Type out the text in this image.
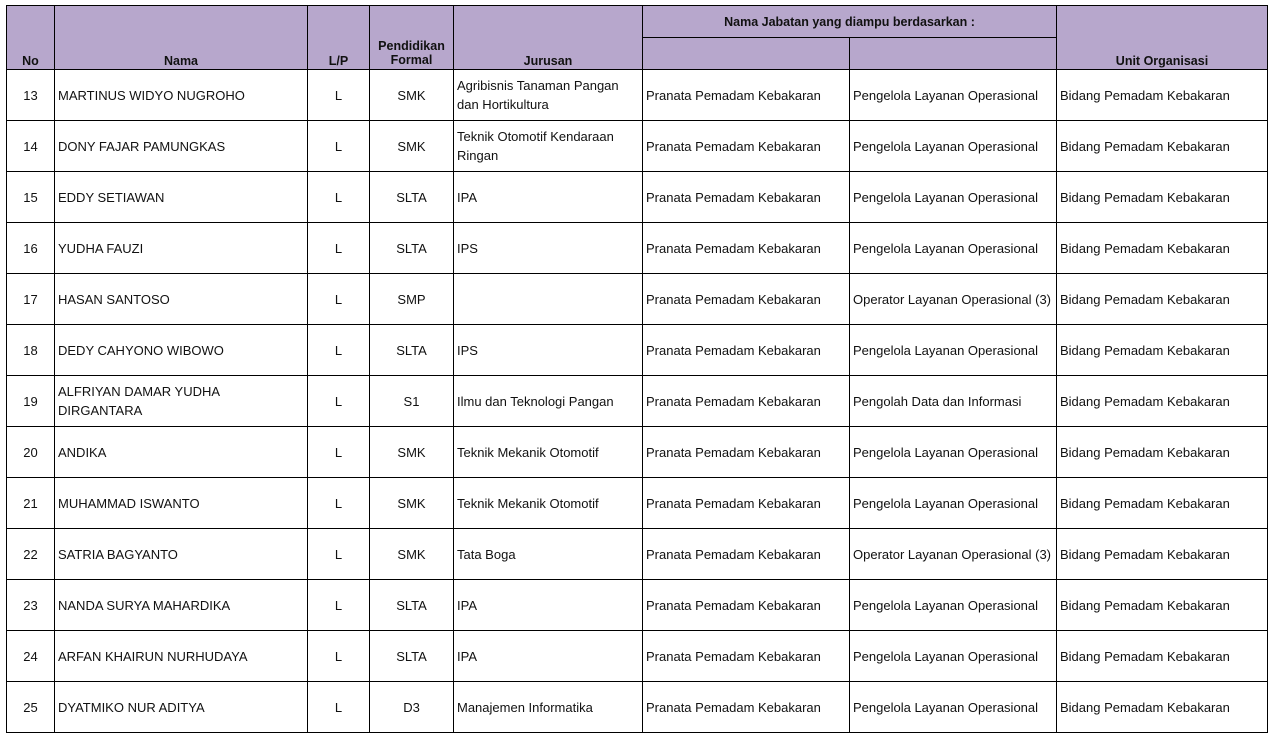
No	Nama	L/P	Pendidikan Formal	Jurusan	Nama Jabatan yang diampu berdasarkan :		Unit Organisasi

13	MARTINUS WIDYO NUGROHO	L	SMK	Agribisnis Tanaman Pangan dan Hortikultura	Pranata Pemadam Kebakaran	Pengelola Layanan Operasional	Bidang Pemadam Kebakaran
14	DONY FAJAR PAMUNGKAS	L	SMK	Teknik Otomotif Kendaraan Ringan	Pranata Pemadam Kebakaran	Pengelola Layanan Operasional	Bidang Pemadam Kebakaran
15	EDDY SETIAWAN	L	SLTA	IPA	Pranata Pemadam Kebakaran	Pengelola Layanan Operasional	Bidang Pemadam Kebakaran
16	YUDHA FAUZI	L	SLTA	IPS	Pranata Pemadam Kebakaran	Pengelola Layanan Operasional	Bidang Pemadam Kebakaran
17	HASAN SANTOSO	L	SMP		Pranata Pemadam Kebakaran	Operator Layanan Operasional (3)	Bidang Pemadam Kebakaran
18	DEDY CAHYONO WIBOWO	L	SLTA	IPS	Pranata Pemadam Kebakaran	Pengelola Layanan Operasional	Bidang Pemadam Kebakaran
19	ALFRIYAN DAMAR YUDHA DIRGANTARA	L	S1	Ilmu dan Teknologi Pangan	Pranata Pemadam Kebakaran	Pengolah Data dan Informasi	Bidang Pemadam Kebakaran
20	ANDIKA	L	SMK	Teknik Mekanik Otomotif	Pranata Pemadam Kebakaran	Pengelola Layanan Operasional	Bidang Pemadam Kebakaran
21	MUHAMMAD ISWANTO	L	SMK	Teknik Mekanik Otomotif	Pranata Pemadam Kebakaran	Pengelola Layanan Operasional	Bidang Pemadam Kebakaran
22	SATRIA BAGYANTO	L	SMK	Tata Boga	Pranata Pemadam Kebakaran	Operator Layanan Operasional (3)	Bidang Pemadam Kebakaran
23	NANDA SURYA MAHARDIKA	L	SLTA	IPA	Pranata Pemadam Kebakaran	Pengelola Layanan Operasional	Bidang Pemadam Kebakaran
24	ARFAN KHAIRUN NURHUDAYA	L	SLTA	IPA	Pranata Pemadam Kebakaran	Pengelola Layanan Operasional	Bidang Pemadam Kebakaran
25	DYATMIKO NUR ADITYA	L	D3	Manajemen Informatika	Pranata Pemadam Kebakaran	Pengelola Layanan Operasional	Bidang Pemadam Kebakaran
